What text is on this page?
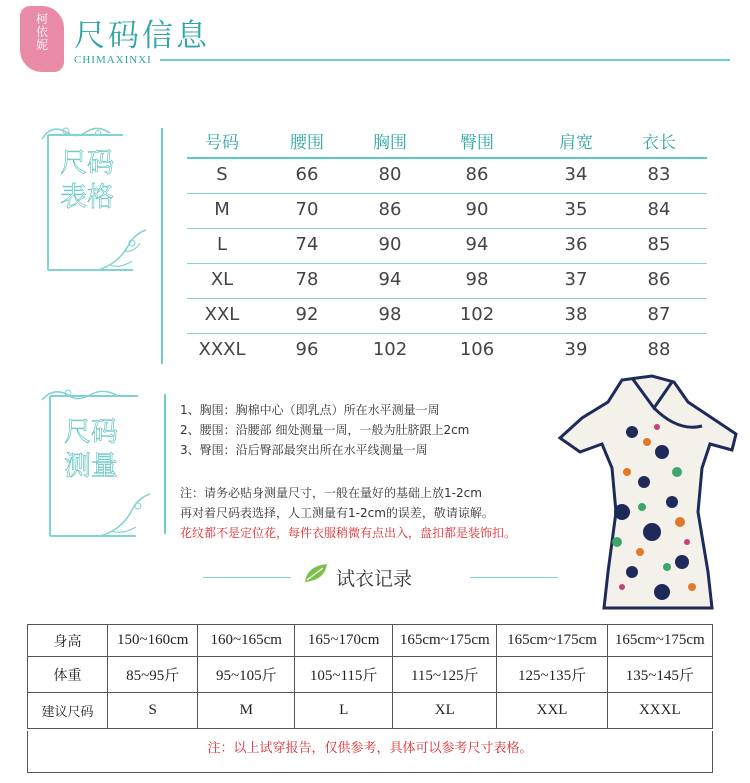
柯
依
妮 尺码信息
CHIMAXINXI
尺码
表格
号码	腰围	胸围	臀围	肩宽	衣长
S	66	80	86	34	83
M	70	86	90	35	84
L	74	90	94	36	85
XL	78	94	98	37	86
XXL	92	98	102	38	87
XXXL	96	102	106	39	88
尺码
测量
1、胸围：胸棉中心（即乳点）所在水平测量一周
2、腰围：沿腰部 细处测量一周，一般为肚脐跟上2cm
3、臀围：沿后臀部最突出所在水平线测量一周
注：请务必贴身测量尺寸，一般在量好的基础上放1-2cm
再对着尺码表选择，人工测量有1-2cm的误差，敬请谅解。
花纹都不是定位花，每件衣服稍微有点出入，盘扣都是装饰扣。
试衣记录
身高	150~160cm	160~165cm	165~170cm	165cm~175cm	165cm~175cm	165cm~175cm
体重	85~95斤	95~105斤	105~115斤	115~125斤	125~135斤	135~145斤
建议尺码	S	M	L	XL	XXL	XXXL
注：以上试穿报告，仅供参考，具体可以参考尺寸表格。
